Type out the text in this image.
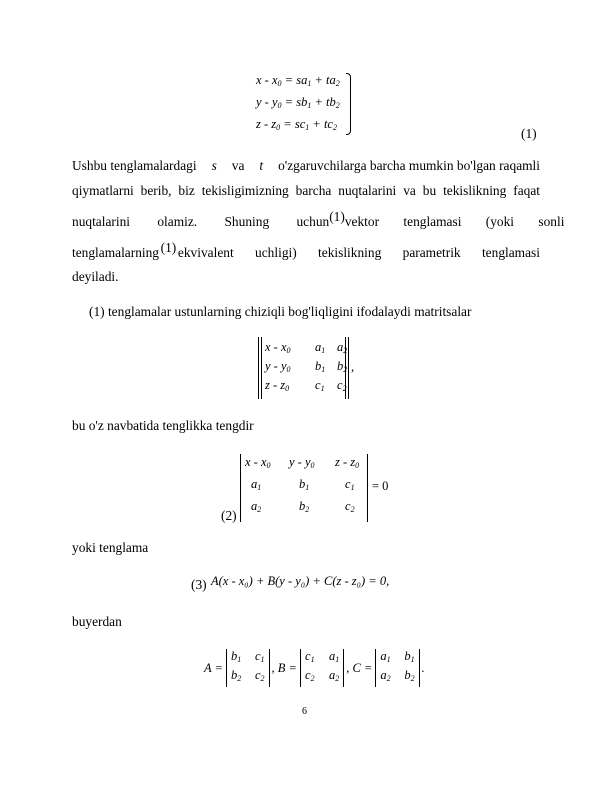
$x - x_0 = sa_1 + ta_2$
$y - y_0 = sb_1 + tb_2$
$z - z_0 = sc_1 + tc_2$	(1)
Ushbu tenglamalardagi s va t o'zgaruvchilarga barcha mumkin bo'lgan raqamli
qiymatlarni berib, biz tekisligimizning barcha nuqtalarini va bu tekislikning faqat
nuqtalarini olamiz. Shuning uchun (1) vektor tenglamasi (yoki sonli
tenglamalarning (1) ekvivalent uchligi) tekislikning parametrik tenglamasi
deyiladi.
(1) tenglamalar ustunlarning chiziqli bog'liqligini ifodalaydi matritsalar
x - $x_0$	$a_1$ $a_2$
y - $y_0$	$b_1$ $b_2$
z - $z_0$	$c_1$ $c_2$
,
bu o'z navbatida tenglikka tengdir
(2)
x - $x_0$	y - $y_0$	z - $z_0$
$a_1$	$b_1$	$c_1$
$a_2$	$b_2$	$c_2$
= 0
yoki tenglama
(3) A(x - x₀) + B(y - y₀) + C(z - z₀) = 0,
buyerdan
A =
$b_1$ $c_1$
$b_2$ $c_2$
, B =
$c_1$ $a_1$
$c_2$ $a_2$
, C =
$a_1$ $b_1$
$a_2$ $b_2$
.
6
